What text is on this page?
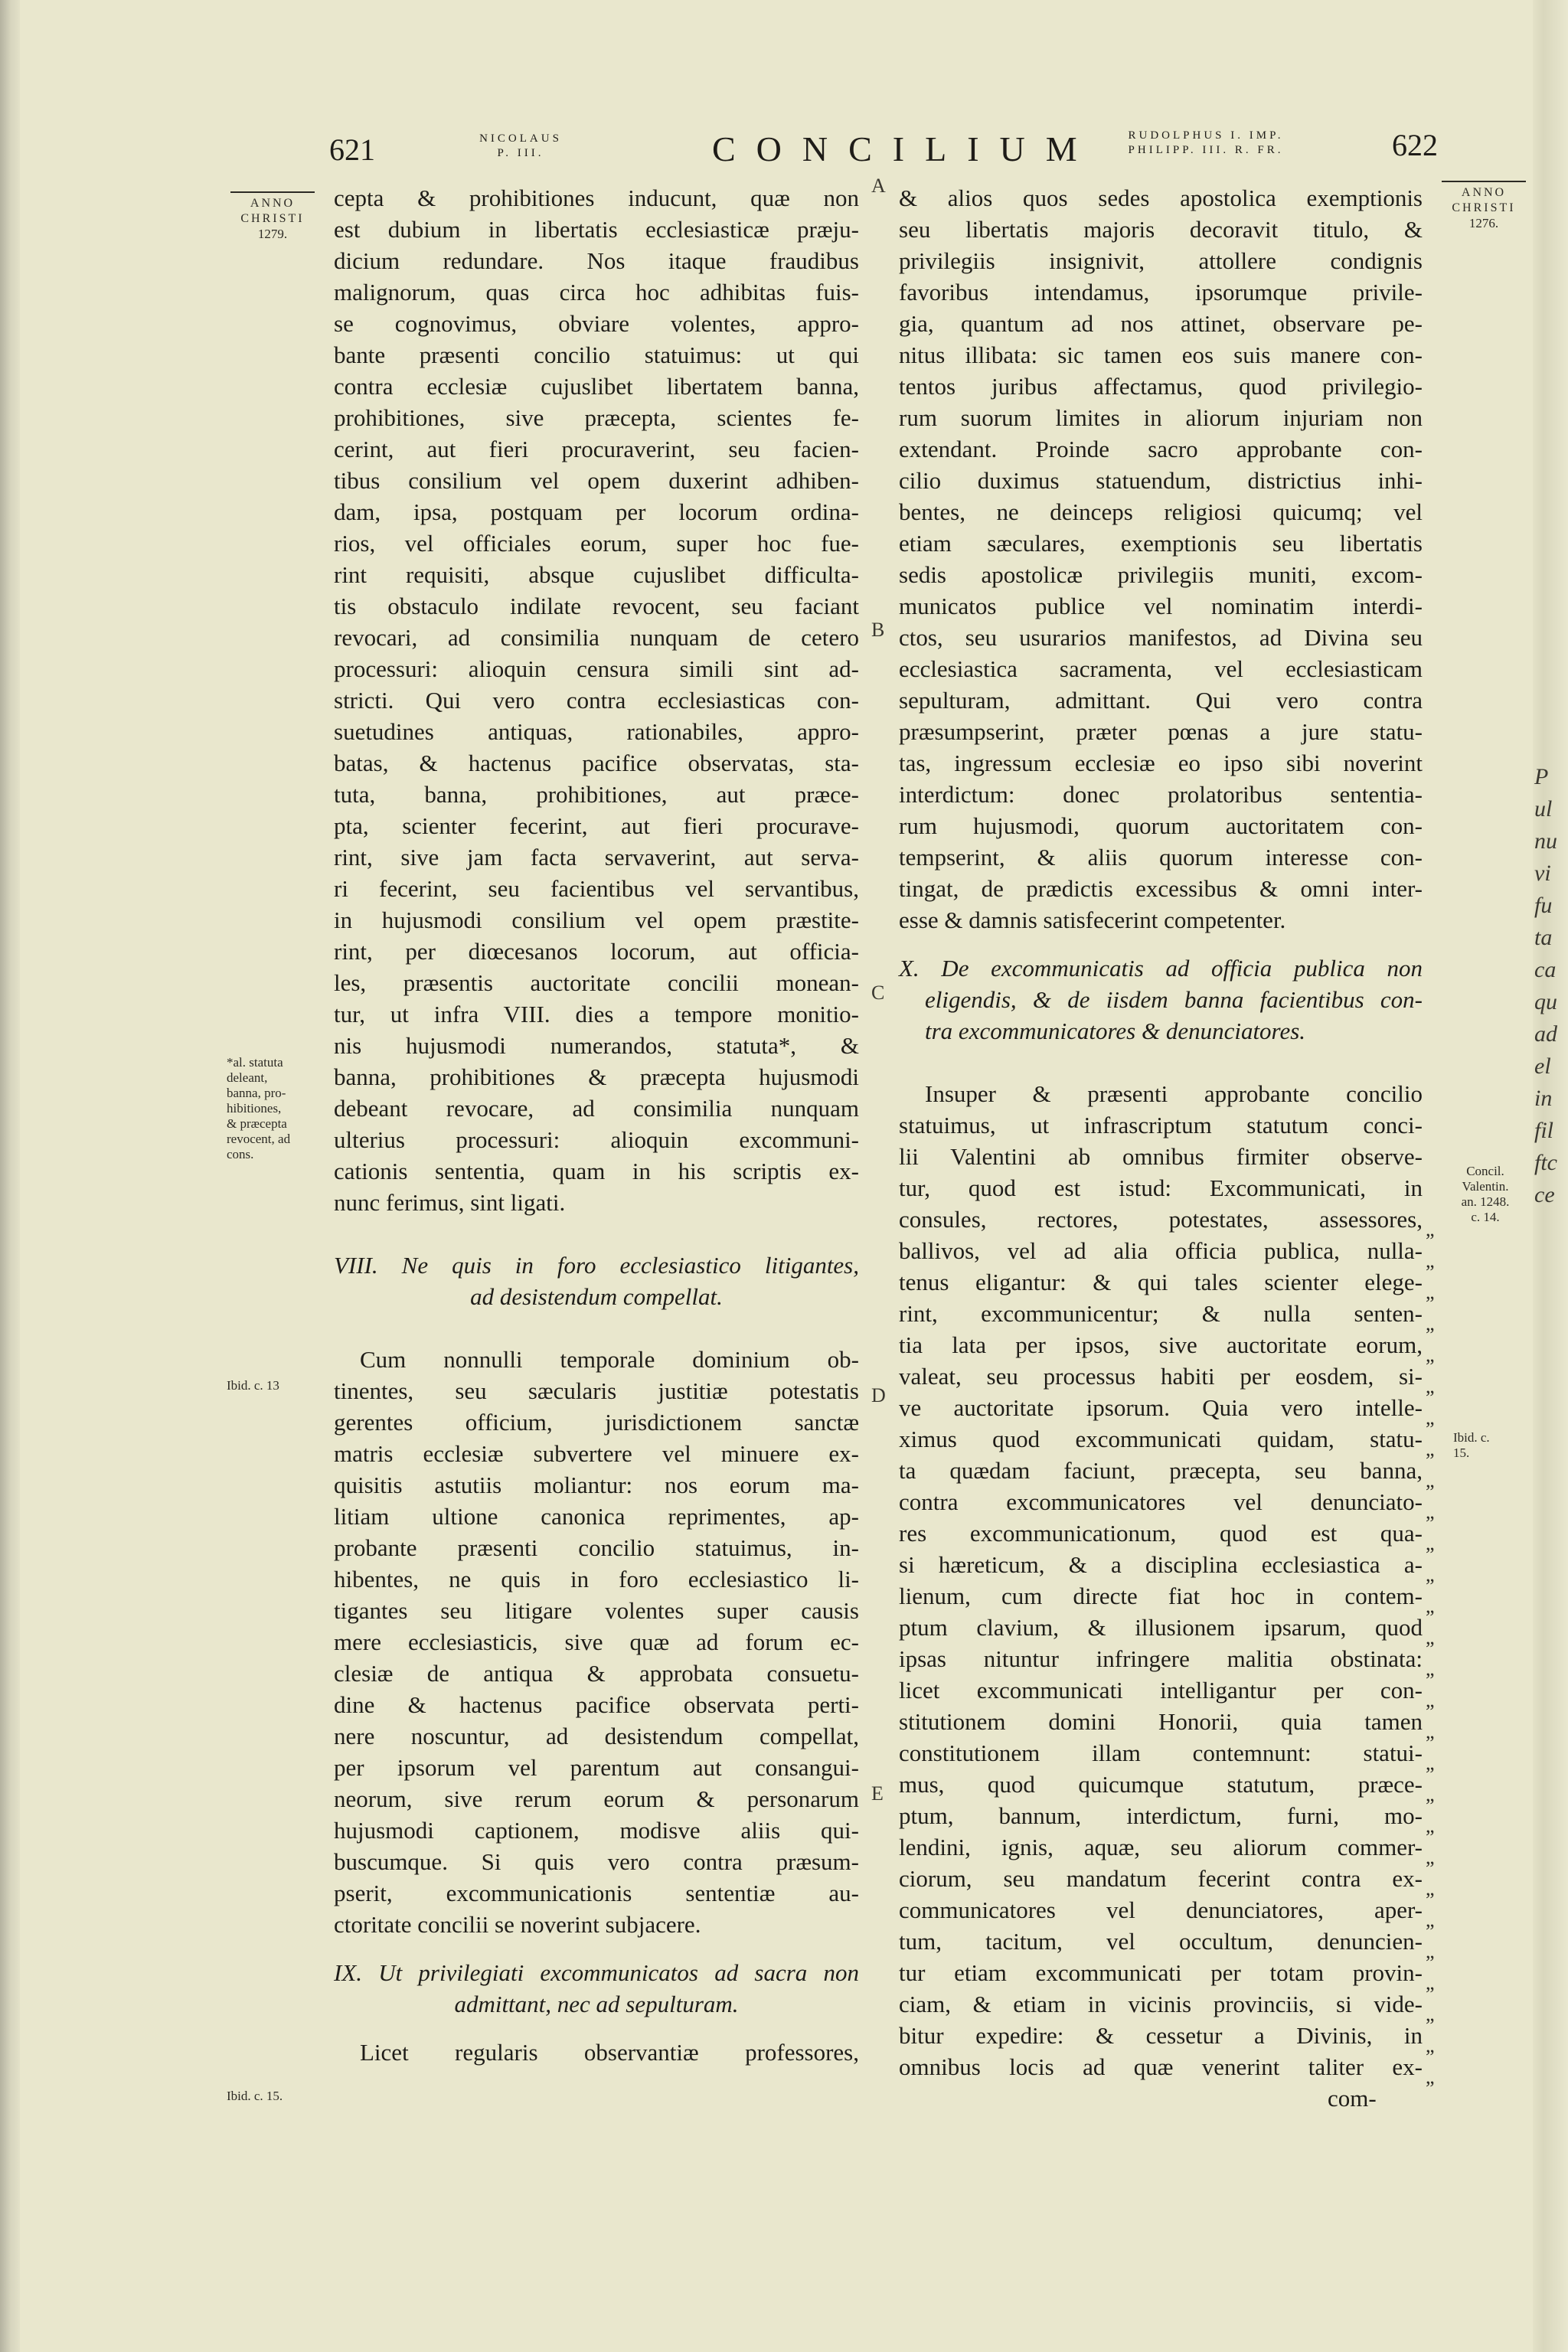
P
ul
nu
vi
fu
ta
ca
qu
ad
el
in
fil
ftc
ce
621	NICOLAUS
P. III.	CONCILIUM	RUDOLPHUS I. IMP.
PHILIPP. III. R. FR.	622
ANNO
CHRISTI
1279.
*al. statuta
deleant,
banna, pro-
hibitiones,
& præcepta
revocent, ad
cons.
Ibid. c. 13
Ibid. c. 15.
ANNO
CHRISTI
1276.
Concil.
Valentin.
an. 1248.
c. 14.
Ibid. c.
15.
A
B
C
D
E
cepta & prohibitiones inducunt, quæ non
est dubium in libertatis ecclesiasticæ præju-
dicium redundare. Nos itaque fraudibus
malignorum, quas circa hoc adhibitas fuis-
se cognovimus, obviare volentes, appro-
bante præsenti concilio statuimus: ut qui
contra ecclesiæ cujuslibet libertatem banna,
prohibitiones, sive præcepta, scientes fe-
cerint, aut fieri procuraverint, seu facien-
tibus consilium vel opem duxerint adhiben-
dam, ipsa, postquam per locorum ordina-
rios, vel officiales eorum, super hoc fue-
rint requisiti, absque cujuslibet difficulta-
tis obstaculo indilate revocent, seu faciant
revocari, ad consimilia nunquam de cetero
processuri: alioquin censura simili sint ad-
stricti. Qui vero contra ecclesiasticas con-
suetudines antiquas, rationabiles, appro-
batas, & hactenus pacifice observatas, sta-
tuta, banna, prohibitiones, aut præce-
pta, scienter fecerint, aut fieri procurave-
rint, sive jam facta servaverint, aut serva-
ri fecerint, seu facientibus vel servantibus,
in hujusmodi consilium vel opem præstite-
rint, per diœcesanos locorum, aut officia-
les, præsentis auctoritate concilii monean-
tur, ut infra VIII. dies a tempore monitio-
nis hujusmodi numerandos, statuta*, &
banna, prohibitiones & præcepta hujusmodi
debeant revocare, ad consimilia nunquam
ulterius processuri: alioquin excommuni-
cationis sententia, quam in his scriptis ex-
nunc ferimus, sint ligati.
VIII. Ne quis in foro ecclesiastico litigantes,
ad desistendum compellat.
Cum nonnulli temporale dominium ob-
tinentes, seu sæcularis justitiæ potestatis
gerentes officium, jurisdictionem sanctæ
matris ecclesiæ subvertere vel minuere ex-
quisitis astutiis moliantur: nos eorum ma-
litiam ultione canonica reprimentes, ap-
probante præsenti concilio statuimus, in-
hibentes, ne quis in foro ecclesiastico li-
tigantes seu litigare volentes super causis
mere ecclesiasticis, sive quæ ad forum ec-
clesiæ de antiqua & approbata consuetu-
dine & hactenus pacifice observata perti-
nere noscuntur, ad desistendum compellat,
per ipsorum vel parentum aut consangui-
neorum, sive rerum eorum & personarum
hujusmodi captionem, modisve aliis qui-
buscumque. Si quis vero contra præsum-
pserit, excommunicationis sententiæ au-
ctoritate concilii se noverint subjacere.
IX. Ut privilegiati excommunicatos ad sacra non
admittant, nec ad sepulturam.
Licet regularis observantiæ professores,
& alios quos sedes apostolica exemptionis
seu libertatis majoris decoravit titulo, &
privilegiis insignivit, attollere condignis
favoribus intendamus, ipsorumque privile-
gia, quantum ad nos attinet, observare pe-
nitus illibata: sic tamen eos suis manere con-
tentos juribus affectamus, quod privilegio-
rum suorum limites in aliorum injuriam non
extendant. Proinde sacro approbante con-
cilio duximus statuendum, districtius inhi-
bentes, ne deinceps religiosi quicumq; vel
etiam sæculares, exemptionis seu libertatis
sedis apostolicæ privilegiis muniti, excom-
municatos publice vel nominatim interdi-
ctos, seu usurarios manifestos, ad Divina seu
ecclesiastica sacramenta, vel ecclesiasticam
sepulturam, admittant. Qui vero contra
præsumpserint, præter pœnas a jure statu-
tas, ingressum ecclesiæ eo ipso sibi noverint
interdictum: donec prolatoribus sententia-
rum hujusmodi, quorum auctoritatem con-
tempserint, & aliis quorum interesse con-
tingat, de prædictis excessibus & omni inter-
esse & damnis satisfecerint competenter.
X. De excommunicatis ad officia publica non
eligendis, & de iisdem banna facientibus con-
tra excommunicatores & denunciatores.
Insuper & præsenti approbante concilio
statuimus, ut infrascriptum statutum conci-
lii Valentini ab omnibus firmiter observe-
tur, quod est istud: Excommunicati, in
consules, rectores, potestates, assessores,
ballivos, vel ad alia officia publica, nulla-
tenus eligantur: & qui tales scienter elege-
rint, excommunicentur; & nulla senten-
tia lata per ipsos, sive auctoritate eorum,
valeat, seu processus habiti per eosdem, si-
ve auctoritate ipsorum. Quia vero intelle-
ximus quod excommunicati quidam, statu-
ta quædam faciunt, præcepta, seu banna,
contra excommunicatores vel denunciato-
res excommunicationum, quod est qua-
si hæreticum, & a disciplina ecclesiastica a-
lienum, cum directe fiat hoc in contem-
ptum clavium, & illusionem ipsarum, quod
ipsas nituntur infringere malitia obstinata:
licet excommunicati intelligantur per con-
stitutionem domini Honorii, quia tamen
constitutionem illam contemnunt: statui-
mus, quod quicumque statutum, præce-
ptum, bannum, interdictum, furni, mo-
lendini, ignis, aquæ, seu aliorum commer-
ciorum, seu mandatum fecerint contra ex-
communicatores vel denunciatores, aper-
tum, tacitum, vel occultum, denuncien-
tur etiam excommunicati per totam provin-
ciam, & etiam in vicinis provinciis, si vide-
bitur expedire: & cessetur a Divinis, in
omnibus locis ad quæ venerint taliter ex-
com-
”
”
”
”
”
”
”
”
”
”
”
”
”
”
”
”
”
”
”
”
”
”
”
”
”
”
”
”
